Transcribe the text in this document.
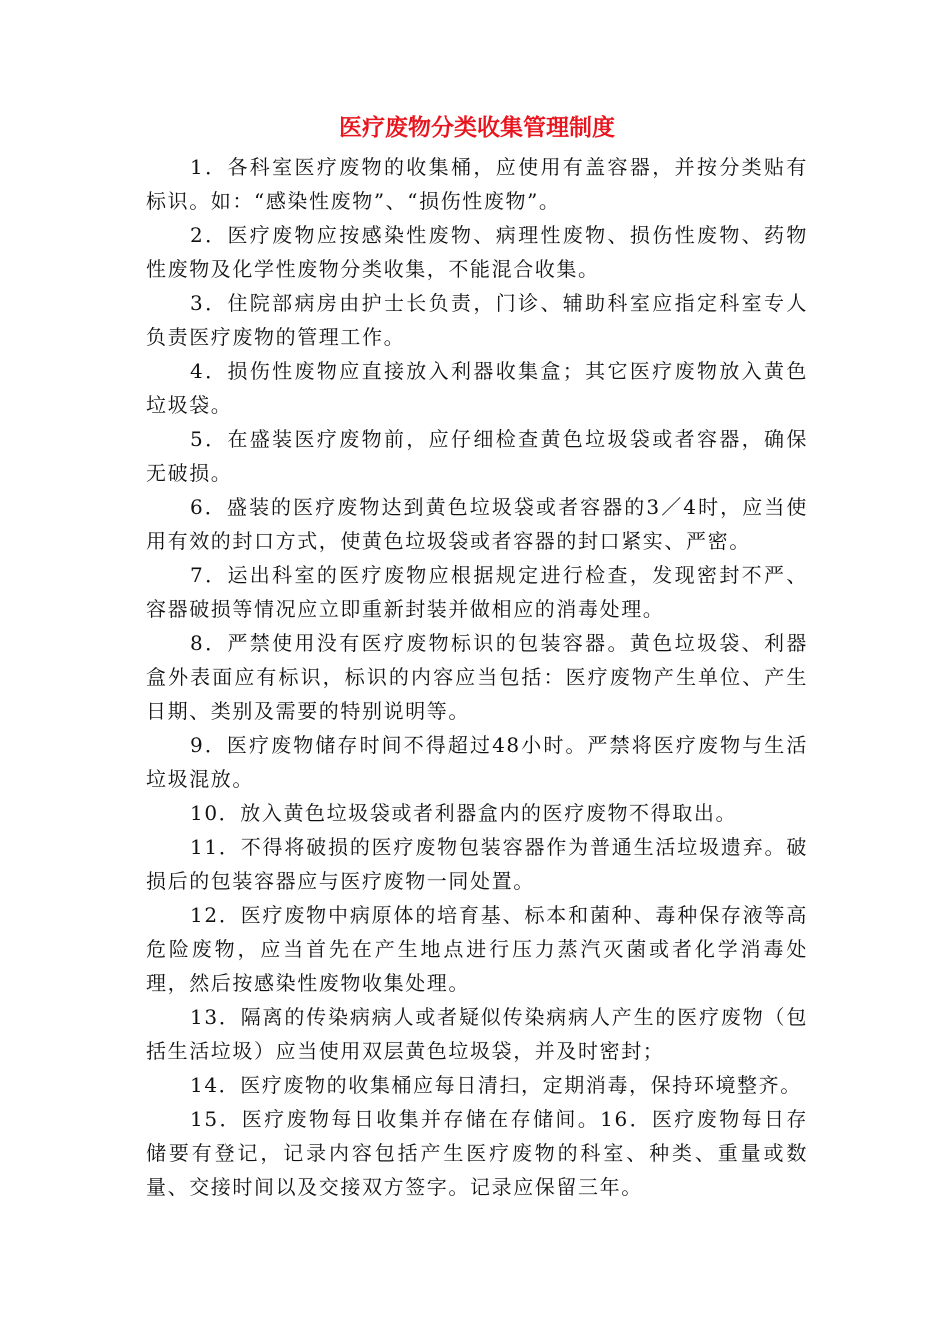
医疗废物分类收集管理制度

1．各科室医疗废物的收集桶，应使用有盖容器，并按分类贴有标识。如：“感染性废物”、“损伤性废物”。

2．医疗废物应按感染性废物、病理性废物、损伤性废物、药物性废物及化学性废物分类收集，不能混合收集。

3．住院部病房由护士长负责，门诊、辅助科室应指定科室专人负责医疗废物的管理工作。

4．损伤性废物应直接放入利器收集盒；其它医疗废物放入黄色垃圾袋。

5．在盛装医疗废物前，应仔细检查黄色垃圾袋或者容器，确保无破损。

6．盛装的医疗废物达到黄色垃圾袋或者容器的3／4时，应当使用有效的封口方式，使黄色垃圾袋或者容器的封口紧实、严密。

7．运出科室的医疗废物应根据规定进行检查，发现密封不严、容器破损等情况应立即重新封装并做相应的消毒处理。

8．严禁使用没有医疗废物标识的包装容器。黄色垃圾袋、利器盒外表面应有标识，标识的内容应当包括：医疗废物产生单位、产生日期、类别及需要的特别说明等。

9．医疗废物储存时间不得超过48小时。严禁将医疗废物与生活垃圾混放。

10．放入黄色垃圾袋或者利器盒内的医疗废物不得取出。

11．不得将破损的医疗废物包装容器作为普通生活垃圾遗弃。破损后的包装容器应与医疗废物一同处置。

12．医疗废物中病原体的培育基、标本和菌种、毒种保存液等高危险废物，应当首先在产生地点进行压力蒸汽灭菌或者化学消毒处理，然后按感染性废物收集处理。

13．隔离的传染病病人或者疑似传染病病人产生的医疗废物（包括生活垃圾）应当使用双层黄色垃圾袋，并及时密封；

14．医疗废物的收集桶应每日清扫，定期消毒，保持环境整齐。

15．医疗废物每日收集并存储在存储间。16．医疗废物每日存储要有登记，记录内容包括产生医疗废物的科室、种类、重量或数量、交接时间以及交接双方签字。记录应保留三年。
